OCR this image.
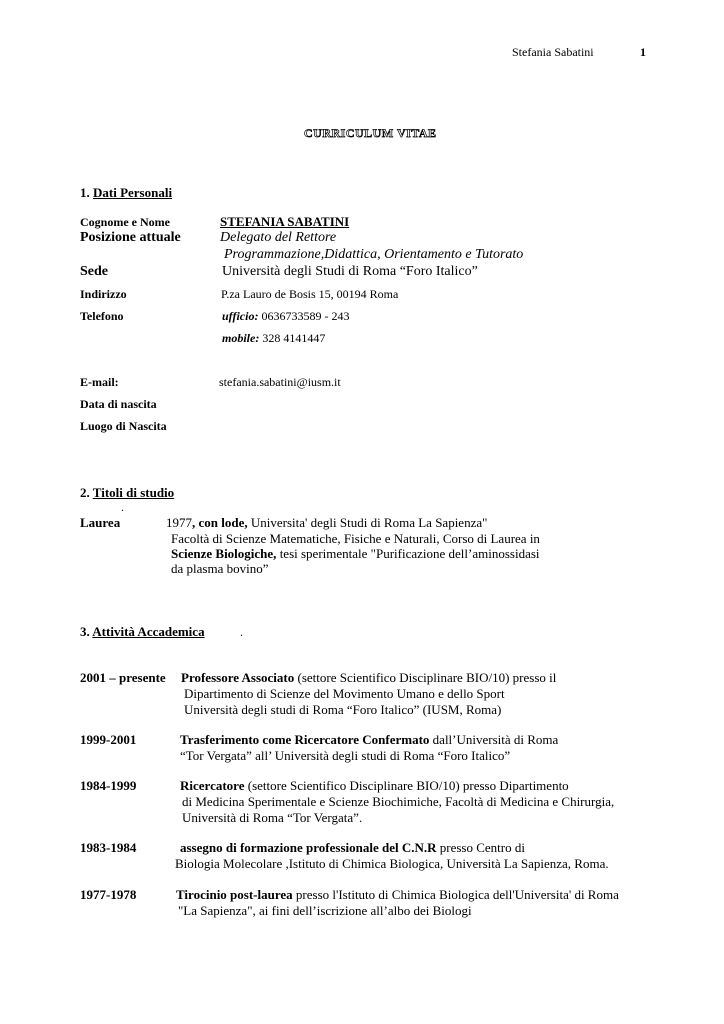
Stefania Sabatini	1
CURRICULUM VITAE
1. Dati Personali
Cognome e Nome	STEFANIA SABATINI
Posizione attuale	Delegato del Rettore
Programmazione,Didattica, Orientamento e Tutorato
Sede	Università degli Studi di Roma “Foro Italico”
Indirizzo	P.za Lauro de Bosis 15, 00194 Roma
Telefono	ufficio: 0636733589 - 243
mobile: 328 4141447
E-mail:	stefania.sabatini@iusm.it
Data di nascita
Luogo di Nascita
2. Titoli di studio
.
Laurea	1977, con lode, Universita' degli Studi di Roma La Sapienza"
Facoltà di Scienze Matematiche, Fisiche e Naturali, Corso di Laurea in
Scienze Biologiche, tesi sperimentale "Purificazione dell’aminossidasi
da plasma bovino”
3. Attività Accademica	.
2001 – presente Professore Associato (settore Scientifico Disciplinare BIO/10) presso il
Dipartimento di Scienze del Movimento Umano e dello Sport
Università degli studi di Roma “Foro Italico” (IUSM, Roma)
1999-2001	Trasferimento come Ricercatore Confermato dall’Università di Roma
“Tor Vergata” all’ Università degli studi di Roma “Foro Italico”
1984-1999	Ricercatore (settore Scientifico Disciplinare BIO/10) presso Dipartimento
di Medicina Sperimentale e Scienze Biochimiche, Facoltà di Medicina e Chirurgia,
Università di Roma “Tor Vergata”.
1983-1984	assegno di formazione professionale del C.N.R presso Centro di
Biologia Molecolare ,Istituto di Chimica Biologica, Università La Sapienza, Roma.
1977-1978	Tirocinio post-laurea presso l'Istituto di Chimica Biologica dell'Universita' di Roma
"La Sapienza", ai fini dell’iscrizione all’albo dei Biologi
